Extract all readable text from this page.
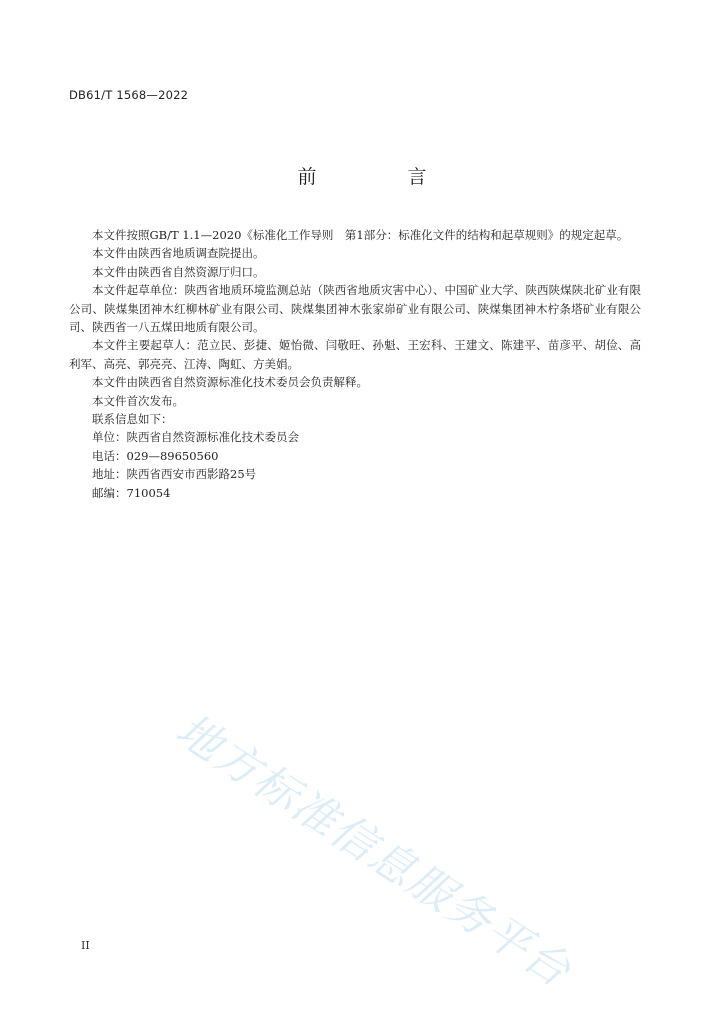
DB61/T 1568—2022
前　言

本文件按照GB/T 1.1—2020《标准化工作导则　第1部分：标准化文件的结构和起草规则》的规定起草。

本文件由陕西省地质调查院提出。

本文件由陕西省自然资源厅归口。

本文件起草单位：陕西省地质环境监测总站（陕西省地质灾害中心）、中国矿业大学、陕西陕煤陕北矿业有限公司、陕煤集团神木红柳林矿业有限公司、陕煤集团神木张家峁矿业有限公司、陕煤集团神木柠条塔矿业有限公司、陕西省一八五煤田地质有限公司。

本文件主要起草人：范立民、彭捷、姬怡微、闫敬旺、孙魁、王宏科、王建文、陈建平、苗彦平、胡俭、高利军、高亮、郭亮亮、江涛、陶虹、方美娟。

本文件由陕西省自然资源标准化技术委员会负责解释。

本文件首次发布。

联系信息如下：

单位：陕西省自然资源标准化技术委员会

电话：029—89650560

地址：陕西省西安市西影路25号

邮编：710054

地方标准信息服务平台
II
